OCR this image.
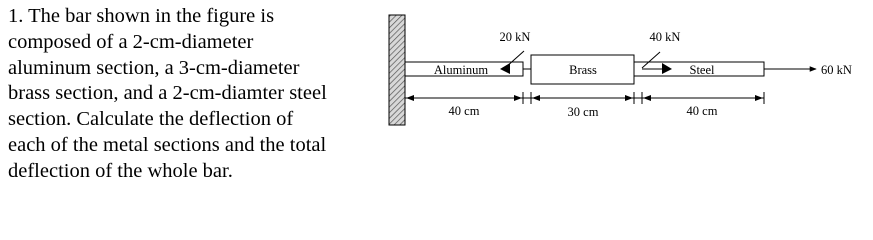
1. The bar shown in the figure is
composed of a 2-cm-diameter
aluminum section, a 3-cm-diameter
brass section, and a 2-cm-diamter steel
section. Calculate the deflection of
each of the metal sections and the total
deflection of the whole bar.
Aluminum	Brass	Steel
20 kN	40 kN
60 kN
40 cm	30 cm	40 cm
